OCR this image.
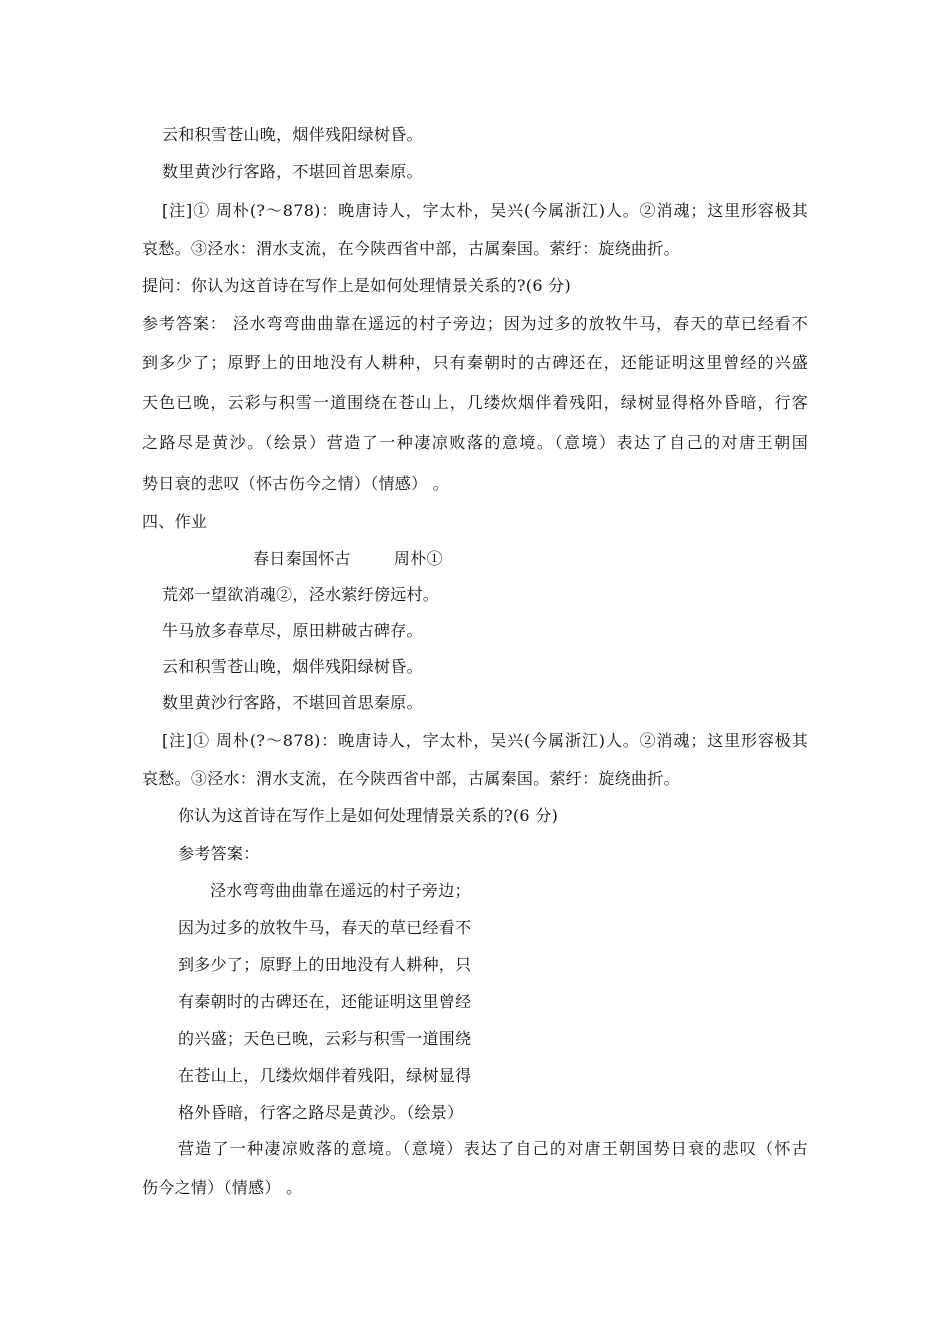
云和积雪苍山晚，烟伴残阳绿树昏。
数里黄沙行客路，不堪回首思秦原。
[注]① 周朴(?～878)：晚唐诗人，字太朴，吴兴(今属浙江)人。②消魂；这里形容极其
哀愁。③泾水：渭水支流，在今陕西省中部，古属秦国。萦纡：旋绕曲折。
提问：你认为这首诗在写作上是如何处理情景关系的?(6 分)
参考答案： 泾水弯弯曲曲靠在遥远的村子旁边；因为过多的放牧牛马，春天的草已经看不
到多少了；原野上的田地没有人耕种，只有秦朝时的古碑还在，还能证明这里曾经的兴盛
天色已晚，云彩与积雪一道围绕在苍山上，几缕炊烟伴着残阳，绿树显得格外昏暗，行客
之路尽是黄沙。（绘景）营造了一种凄凉败落的意境。（意境）表达了自己的对唐王朝国
势日衰的悲叹（怀古伤今之情）（情感） 。
四、作业
春日秦国怀古        周朴①
荒郊一望欲消魂②，泾水萦纡傍远村。
牛马放多春草尽，原田耕破古碑存。
云和积雪苍山晚，烟伴残阳绿树昏。
数里黄沙行客路，不堪回首思秦原。
[注]① 周朴(?～878)：晚唐诗人，字太朴，吴兴(今属浙江)人。②消魂；这里形容极其
哀愁。③泾水：渭水支流，在今陕西省中部，古属秦国。萦纡：旋绕曲折。
你认为这首诗在写作上是如何处理情景关系的?(6 分)
参考答案：
泾水弯弯曲曲靠在遥远的村子旁边；
因为过多的放牧牛马，春天的草已经看不
到多少了；原野上的田地没有人耕种，只
有秦朝时的古碑还在，还能证明这里曾经
的兴盛；天色已晚，云彩与积雪一道围绕
在苍山上，几缕炊烟伴着残阳，绿树显得
格外昏暗，行客之路尽是黄沙。（绘景）
营造了一种凄凉败落的意境。（意境）表达了自己的对唐王朝国势日衰的悲叹（怀古
伤今之情）（情感） 。
